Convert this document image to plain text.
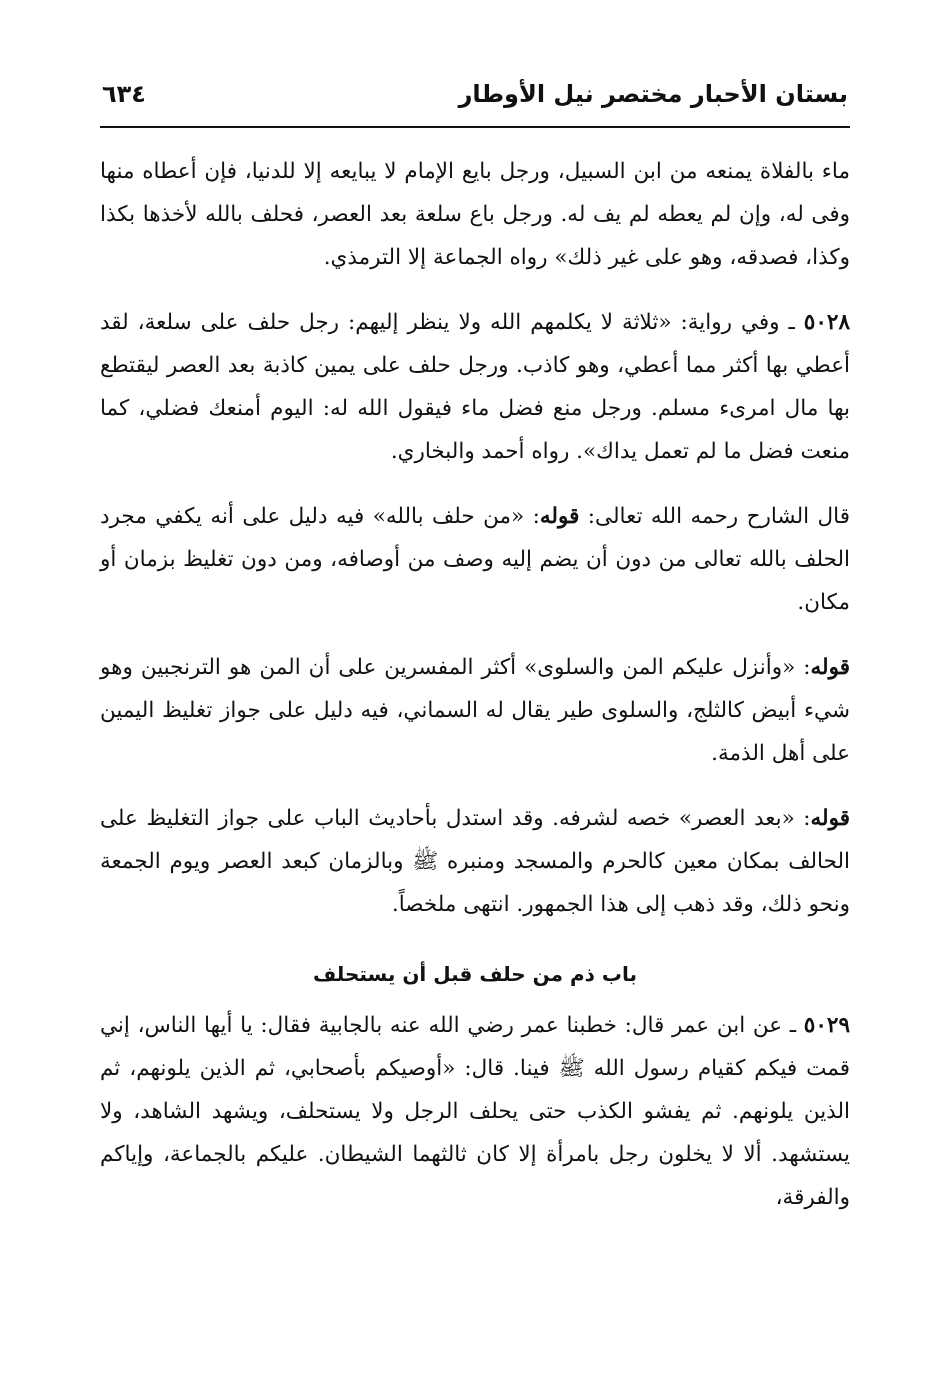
بستان الأحبار مختصر نيل الأوطار
٦٣٤

ماء بالفلاة يمنعه من ابن السبيل، ورجل بايع الإمام لا يبايعه إلا للدنيا، فإن أعطاه منها وفى له، وإن لم يعطه لم يف له. ورجل باع سلعة بعد العصر، فحلف بالله لأخذها بكذا وكذا، فصدقه، وهو على غير ذلك» رواه الجماعة إلا الترمذي.

٥٠٢٨ ـ وفي رواية: «ثلاثة لا يكلمهم الله ولا ينظر إليهم: رجل حلف على سلعة، لقد أعطي بها أكثر مما أعطي، وهو كاذب. ورجل حلف على يمين كاذبة بعد العصر ليقتطع بها مال امرىء مسلم. ورجل منع فضل ماء فيقول الله له: اليوم أمنعك فضلي، كما منعت فضل ما لم تعمل يداك». رواه أحمد والبخاري.

قال الشارح رحمه الله تعالى: قوله: «من حلف بالله» فيه دليل على أنه يكفي مجرد الحلف بالله تعالى من دون أن يضم إليه وصف من أوصافه، ومن دون تغليظ بزمان أو مكان.

قوله: «وأنزل عليكم المن والسلوى» أكثر المفسرين على أن المن هو الترنجبين وهو شيء أبيض كالثلج، والسلوى طير يقال له السماني، فيه دليل على جواز تغليظ اليمين على أهل الذمة.

قوله: «بعد العصر» خصه لشرفه. وقد استدل بأحاديث الباب على جواز التغليظ على الحالف بمكان معين كالحرم والمسجد ومنبره ﷺ وبالزمان كبعد العصر ويوم الجمعة ونحو ذلك، وقد ذهب إلى هذا الجمهور. انتهى ملخصاً.

باب ذم من حلف قبل أن يستحلف

٥٠٢٩ ـ عن ابن عمر قال: خطبنا عمر رضي الله عنه بالجابية فقال: يا أيها الناس، إني قمت فيكم كقيام رسول الله ﷺ فينا. قال: «أوصيكم بأصحابي، ثم الذين يلونهم، ثم الذين يلونهم. ثم يفشو الكذب حتى يحلف الرجل ولا يستحلف، ويشهد الشاهد، ولا يستشهد. ألا لا يخلون رجل بامرأة إلا كان ثالثهما الشيطان. عليكم بالجماعة، وإياكم والفرقة،
